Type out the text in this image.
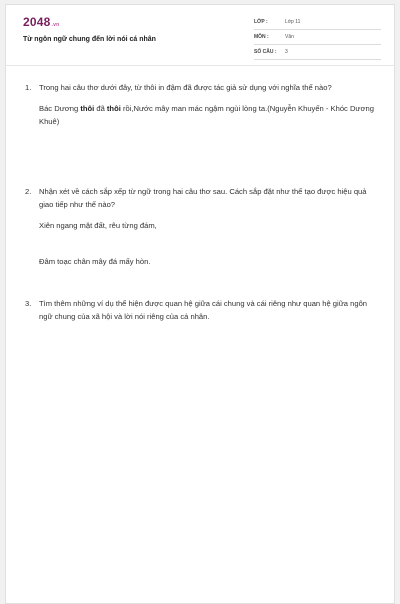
2048.vn
Từ ngôn ngữ chung đến lời nói cá nhân
LỚP :	Lớp 11
MÔN :	Văn
SỐ CÂU : 3
1.	Trong hai câu thơ dưới đây, từ thôi in đậm đã được tác giả sử dụng với nghĩa thế nào?
Bác Dương thôi đã thôi rồi,Nước mây man mác ngậm ngùi lòng ta.(Nguyễn Khuyến - Khóc Dương Khuê)
2.	Nhận xét về cách sắp xếp từ ngữ trong hai câu thơ sau. Cách sắp đặt như thế tạo được hiệu quả giao tiếp như thế nào?
Xiên ngang mặt đất, rêu từng đám,
Đâm toạc chân mây đá mấy hòn.
3.	Tìm thêm những ví dụ thể hiện được quan hệ giữa cái chung và cái riêng như quan hệ giữa ngôn ngữ chung của xã hội và lời nói riêng của cá nhân.
